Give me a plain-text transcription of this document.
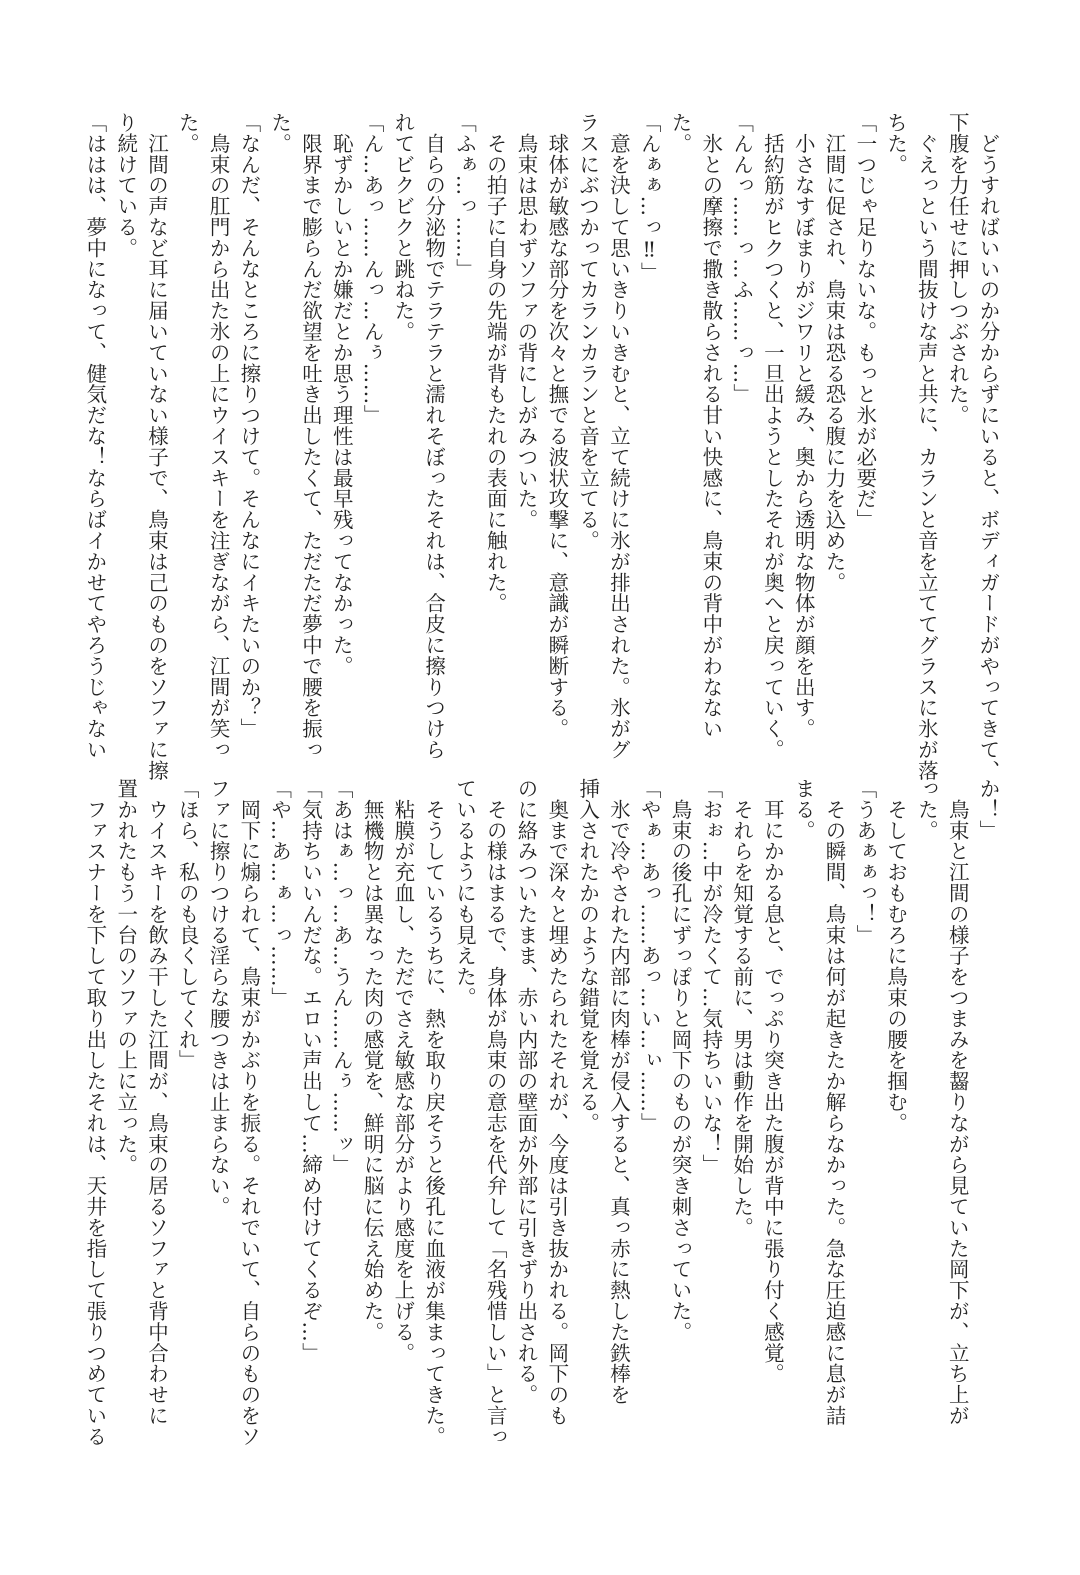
　どうすればいいのか分からずにいると、ボディガードがやってきて、
下腹を力任せに押しつぶされた。
　ぐえっという間抜けな声と共に、カランと音を立ててグラスに氷が落
ちた。
「一つじゃ足りないな。もっと氷が必要だ」
　江間に促され、鳥束は恐る恐る腹に力を込めた。
　小さなすぼまりがジワリと緩み、奥から透明な物体が顔を出す。
　括約筋がヒクつくと、一旦出ようとしたそれが奥へと戻っていく。
「んんっ……っ…ふ……っ…」
　氷との摩擦で撒き散らされる甘い快感に、鳥束の背中がわなない
た。
「んぁぁ…っ‼」
　意を決して思いきりいきむと、立て続けに氷が排出された。氷がグ
ラスにぶつかってカランカランと音を立てる。
　球体が敏感な部分を次々と撫でる波状攻撃に、意識が瞬断する。
　鳥束は思わずソファの背にしがみついた。
　その拍子に自身の先端が背もたれの表面に触れた。
「ふぁ…っ……」
　自らの分泌物でテラテラと濡れそぼったそれは、合皮に擦りつけら
れてビクビクと跳ねた。
「ん…あっ……んっ…んぅ……」
　恥ずかしいとか嫌だとか思う理性は最早残ってなかった。
　限界まで膨らんだ欲望を吐き出したくて、ただただ夢中で腰を振っ
た。
「なんだ、そんなところに擦りつけて。そんなにイキたいのか？」
　鳥束の肛門から出た氷の上にウイスキーを注ぎながら、江間が笑っ
た。
　江間の声など耳に届いていない様子で、鳥束は己のものをソファに擦
り続けている。
「ははは、夢中になって、健気だな！ならばイかせてやろうじゃない
か！」
　鳥束と江間の様子をつまみを齧りながら見ていた岡下が、立ち上が
った。
　そしておもむろに鳥束の腰を掴む。
「うあぁぁっ！」
　その瞬間、鳥束は何が起きたか解らなかった。急な圧迫感に息が詰
まる。
　耳にかかる息と、でっぷり突き出た腹が背中に張り付く感覚。
　それらを知覚する前に、男は動作を開始した。
「おぉ…中が冷たくて…気持ちいいな！」
　鳥束の後孔にずっぽりと岡下のものが突き刺さっていた。
「やぁ…あっ……あっ…い…ぃ……」
　氷で冷やされた内部に肉棒が侵入すると、真っ赤に熱した鉄棒を
挿入されたかのような錯覚を覚える。
　奥まで深々と埋めたられたそれが、今度は引き抜かれる。岡下のも
のに絡みついたまま、赤い内部の壁面が外部に引きずり出される。
　その様はまるで、身体が鳥束の意志を代弁して「名残惜しい」と言っ
ているようにも見えた。
　そうしているうちに、熱を取り戻そうと後孔に血液が集まってきた。
　粘膜が充血し、ただでさえ敏感な部分がより感度を上げる。
　無機物とは異なった肉の感覚を、鮮明に脳に伝え始めた。
「あはぁ…っ…あ…うん……んぅ……ッ」
「気持ちいいんだな。エロい声出して…締め付けてくるぞ…」
「や…あ…ぁ…っ……」
　岡下に煽られて、鳥束がかぶりを振る。それでいて、自らのものをソ
ファに擦りつける淫らな腰つきは止まらない。
「ほら、私のも良くしてくれ」
　ウイスキーを飲み干した江間が、鳥束の居るソファと背中合わせに
置かれたもう一台のソファの上に立った。
　ファスナーを下して取り出したそれは、天井を指して張りつめている
